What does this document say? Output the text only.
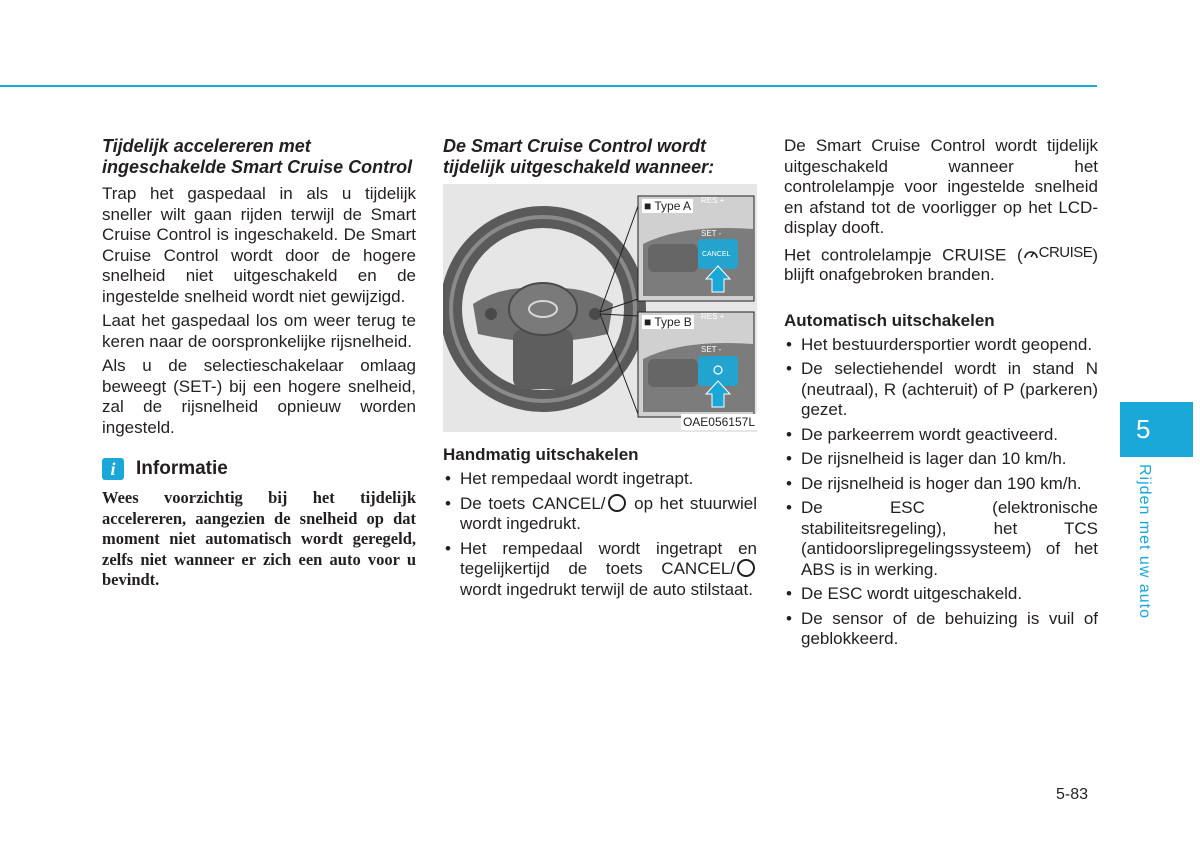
Tijdelijk accelereren met ingeschakelde Smart Cruise Control

Trap het gaspedaal in als u tijdelijk sneller wilt gaan rijden terwijl de Smart Cruise Control is ingeschakeld. De Smart Cruise Control wordt door de hogere snelheid niet uitgeschakeld en de ingestelde snelheid wordt niet gewijzigd.

Laat het gaspedaal los om weer terug te keren naar de oorspronkelijke rijsnelheid.

Als u de selectieschakelaar omlaag beweegt (SET-) bij een hogere snelheid, zal de rijsnelheid opnieuw worden ingesteld.

i	Informatie
Wees voorzichtig bij het tijdelijk accelereren, aangezien de snelheid op dat moment niet automatisch wordt geregeld, zelfs niet wanneer er zich een auto voor u bevindt.
De Smart Cruise Control wordt tijdelijk uitgeschakeld wanneer:
■ Type A RES +
SET -
CANCEL
■ Type B RES +
SET -
OAE056157L
Handmatig uitschakelen
• Het rempedaal wordt ingetrapt.
• De toets CANCEL/ op het stuurwiel wordt ingedrukt.
• Het rempedaal wordt ingetrapt en tegelijkertijd de toets CANCEL/ wordt ingedrukt terwijl de auto stilstaat.

De Smart Cruise Control wordt tijdelijk uitgeschakeld wanneer het controlelampje voor ingestelde snelheid en afstand tot de voorligger op het LCD-display dooft.

Het controlelampje CRUISE ( CRUISE ) blijft onafgebroken branden.

Automatisch uitschakelen
• Het bestuurdersportier wordt geopend.
• De selectiehendel wordt in stand N (neutraal), R (achteruit) of P (parkeren) gezet.
• De parkeerrem wordt geactiveerd.
• De rijsnelheid is lager dan 10 km/h.
• De rijsnelheid is hoger dan 190 km/h.
• De ESC (elektronische stabiliteitsregeling), het TCS (antidoorslipregelingssysteem) of het ABS is in werking.
• De ESC wordt uitgeschakeld.
• De sensor of de behuizing is vuil of geblokkeerd.
5
Rijden met uw auto
5-83
